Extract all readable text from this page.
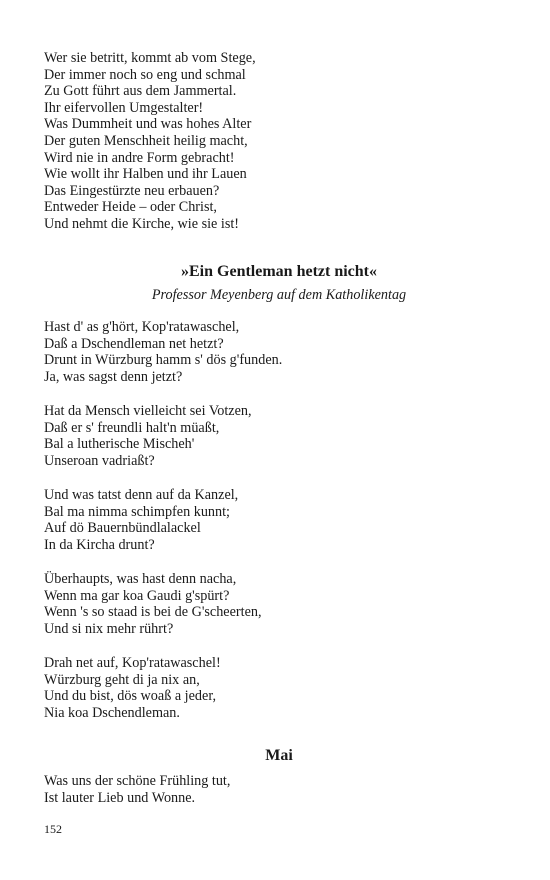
Wer sie betritt, kommt ab vom Stege,
Der immer noch so eng und schmal
Zu Gott führt aus dem Jammertal.
Ihr eifervollen Umgestalter!
Was Dummheit und was hohes Alter
Der guten Menschheit heilig macht,
Wird nie in andre Form gebracht!
Wie wollt ihr Halben und ihr Lauen
Das Eingestürzte neu erbauen?
Entweder Heide – oder Christ,
Und nehmt die Kirche, wie sie ist!
»Ein Gentleman hetzt nicht«
Professor Meyenberg auf dem Katholikentag
Hast d' as g'hört, Kop'ratawaschel,
Daß a Dschendleman net hetzt?
Drunt in Würzburg hamm s' dös g'funden.
Ja, was sagst denn jetzt?
Hat da Mensch vielleicht sei Votzen,
Daß er s' freundli halt'n müaßt,
Bal a lutherische Mischeh'
Unseroan vadriaßt?
Und was tatst denn auf da Kanzel,
Bal ma nimma schimpfen kunnt;
Auf dö Bauernbündlalackel
In da Kircha drunt?
Überhaupts, was hast denn nacha,
Wenn ma gar koa Gaudi g'spürt?
Wenn 's so staad is bei de G'scheerten,
Und si nix mehr rührt?
Drah net auf, Kop'ratawaschel!
Würzburg geht di ja nix an,
Und du bist, dös woaß a jeder,
Nia koa Dschendleman.
Mai
Was uns der schöne Frühling tut,
Ist lauter Lieb und Wonne.
152
